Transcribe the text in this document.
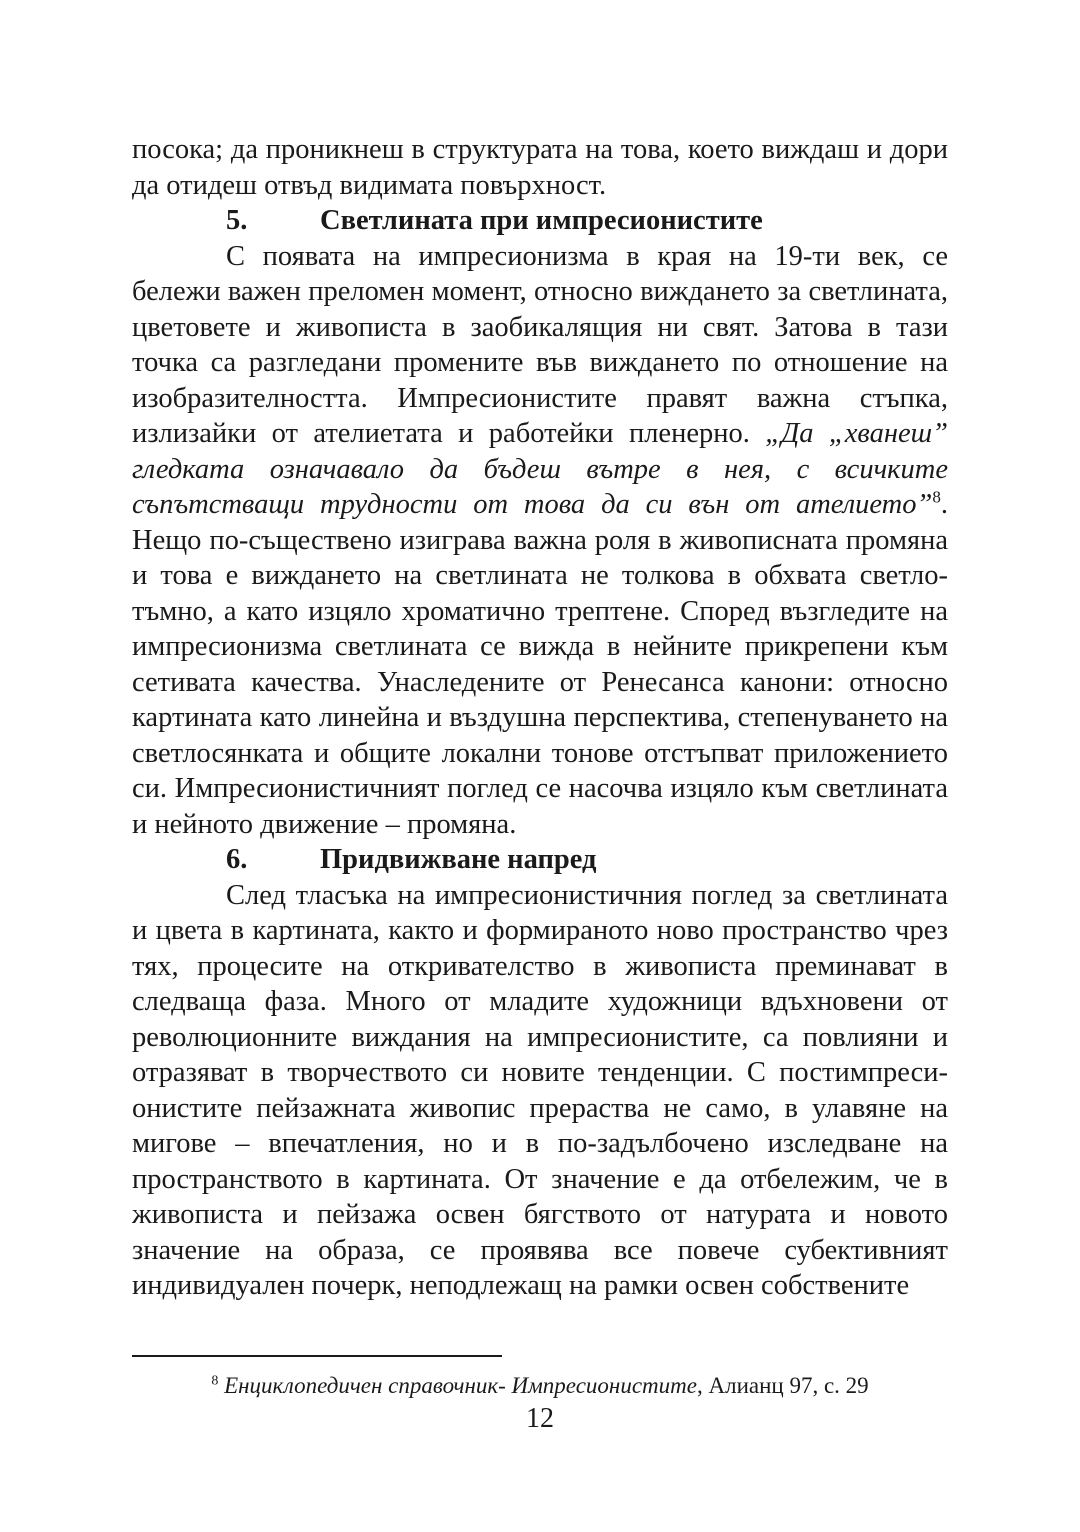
посока; да проникнеш в структурата на това, което виждаш и дори да отидеш отвъд видимата повърхност.

5.	Светлината при импресионистите

С появата на импресионизма в края на 19-ти век, се бележи важен преломен момент, относно виждането за светлината, цветовете и живописта в заобикалящия ни свят. Затова в тази точка са разгледани промените във виждането по отношение на изобразителността. Импресионистите правят важна стъпка, излизайки от ателиетата и работейки пленерно. „Да „хванеш” гледката означавало да бъдеш вътре в нея, с всичките съпътстващи трудности от това да си вън от ателието”$^8$. Нещо по-съществено изиграва важна роля в живописната промяна и това е виждането на светлината не толкова в обхвата светло-тъмно, а като изцяло хроматично трептене. Според възгледите на импресионизма светлината се вижда в нейните прикрепени към сетивата качества. Унаследените от Ренесанса канони: относно картината като линейна и въздушна перспектива, степенуването на светлосянката и общите локални тонове отстъпват приложението си. Импресионистичният поглед се насочва изцяло към светлината и нейното движение – промяна.

6.	Придвижване напред

След тласъка на импресионистичния поглед за светлината и цвета в картината, както и формираното ново пространство чрез тях, процесите на откривателство в живописта преминават в следваща фаза. Много от младите художници вдъхновени от революционните виждания на импресионистите, са повлияни и отразяват в творчеството си новите тенденции. С постимпресионистите пейзажната живопис прераства не само, в улавяне на мигове – впечатления, но и в по-задълбочено изследване на пространството в картината. От значение е да отбележим, че в живописта и пейзажа освен бягството от натурата и новото значение на образа, се проявява все повече субективният индивидуален почерк, неподлежащ на рамки освен собствените

$^8$ Енциклопедичен справочник- Импресионистите, Алианц 97, с. 29

12
